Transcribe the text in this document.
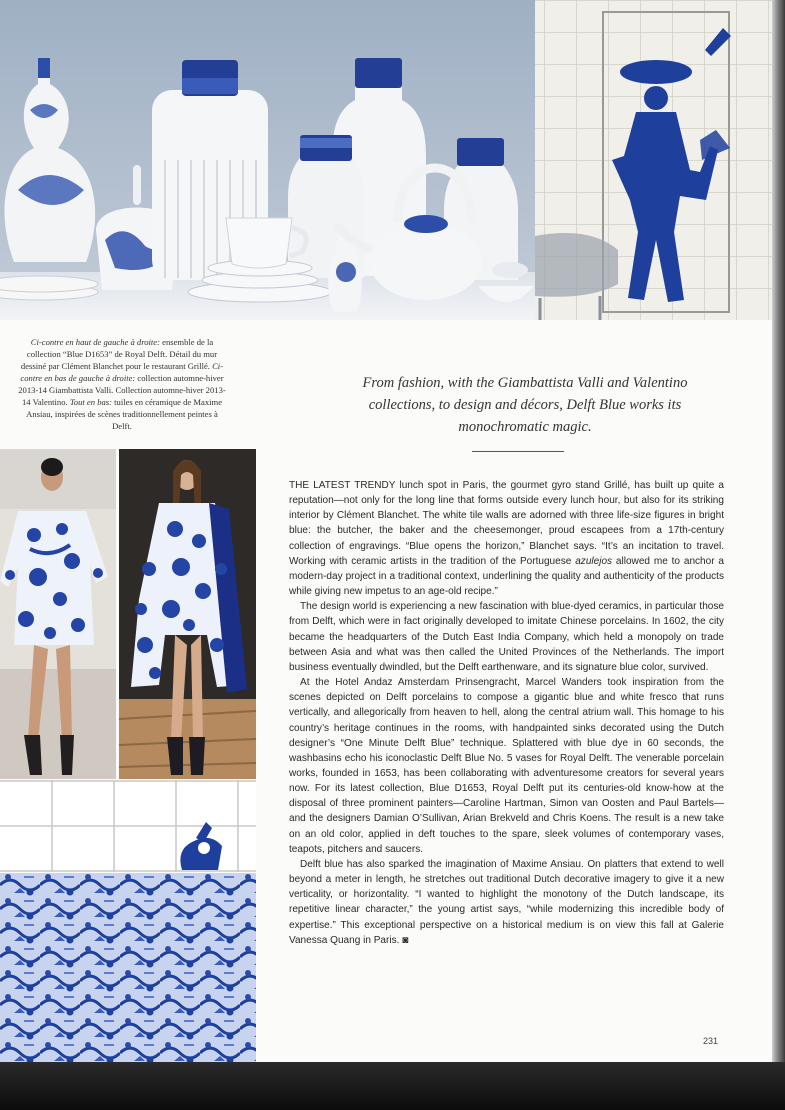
Ci-contre en haut de gauche à droite: ensemble de la collection “Blue D1653” de Royal Delft. Détail du mur dessiné par Clément Blanchet pour le restaurant Grillé. Ci-contre en bas de gauche à droite: collection automne-hiver 2013-14 Giambattista Valli. Collection automne-hiver 2013-14 Valentino. Tout en bas: tuiles en céramique de Maxime Ansiau, inspirées de scènes traditionnellement peintes à Delft.
From fashion, with the Giambattista Valli and Valentino collections, to design and décors, Delft Blue works its monochromatic magic.

THE LATEST TRENDY lunch spot in Paris, the gourmet gyro stand Grillé, has built up quite a reputation—not only for the long line that forms outside every lunch hour, but also for its striking interior by Clément Blanchet. The white tile walls are adorned with three life-size figures in bright blue: the butcher, the baker and the cheesemonger, proud escapees from a 17th-century collection of engravings. “Blue opens the horizon,” Blanchet says. “It’s an incitation to travel. Working with ceramic artists in the tradition of the Portuguese azulejos allowed me to anchor a modern-day project in a traditional context, underlining the quality and authenticity of the products while giving new impetus to an age-old recipe.”

The design world is experiencing a new fascination with blue-dyed ceramics, in particular those from Delft, which were in fact originally developed to imitate Chinese porcelains. In 1602, the city became the headquarters of the Dutch East India Company, which held a monopoly on trade between Asia and what was then called the United Provinces of the Netherlands. The import business eventually dwindled, but the Delft earthenware, and its signature blue color, survived.

At the Hotel Andaz Amsterdam Prinsengracht, Marcel Wanders took inspiration from the scenes depicted on Delft porcelains to compose a gigantic blue and white fresco that runs vertically, and allegorically from heaven to hell, along the central atrium wall. This homage to his country’s heritage continues in the rooms, with handpainted sinks decorated using the Dutch designer’s “One Minute Delft Blue” technique. Splattered with blue dye in 60 seconds, the washbasins echo his iconoclastic Delft Blue No. 5 vases for Royal Delft. The venerable porcelain works, founded in 1653, has been collaborating with adventuresome creators for several years now. For its latest collection, Blue D1653, Royal Delft put its centuries-old know-how at the disposal of three prominent painters—Caroline Hartman, Simon van Oosten and Paul Bartels—and the designers Damian O’Sullivan, Arian Brekveld and Chris Koens. The result is a new take on an old color, applied in deft touches to the spare, sleek volumes of contemporary vases, teapots, pitchers and saucers.

Delft blue has also sparked the imagination of Maxime Ansiau. On platters that extend to well beyond a meter in length, he stretches out traditional Dutch decorative imagery to give it a new verticality, or horizontality. “I wanted to highlight the monotony of the Dutch landscape, its repetitive linear character,” the young artist says, “while modernizing this incredible body of expertise.” This exceptional perspective on a historical medium is on view this fall at Galerie Vanessa Quang in Paris. ◙

231
